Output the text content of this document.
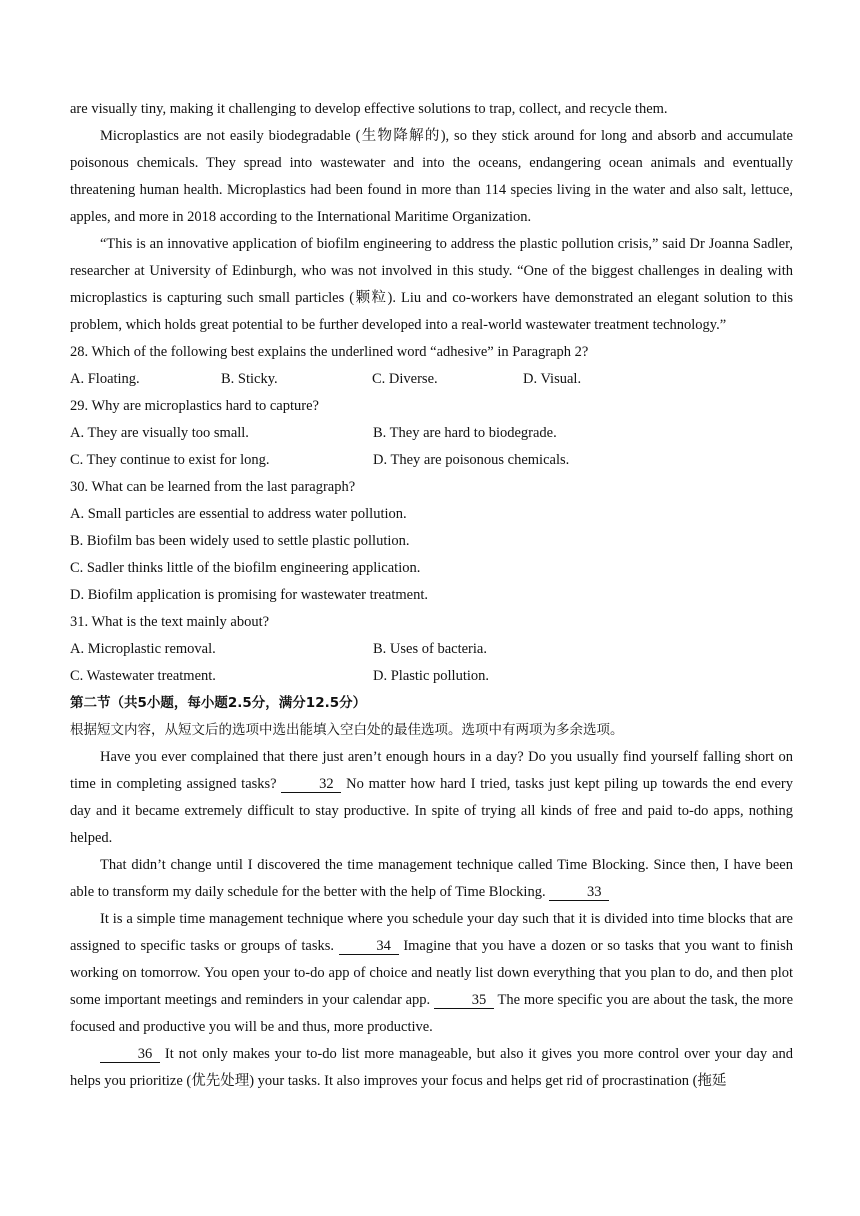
are visually tiny, making it challenging to develop effective solutions to trap, collect, and recycle them.

Microplastics are not easily biodegradable (生物降解的), so they stick around for long and absorb and accumulate poisonous chemicals. They spread into wastewater and into the oceans, endangering ocean animals and eventually threatening human health. Microplastics had been found in more than 114 species living in the water and also salt, lettuce, apples, and more in 2018 according to the International Maritime Organization.

“This is an innovative application of biofilm engineering to address the plastic pollution crisis,” said Dr Joanna Sadler, researcher at University of Edinburgh, who was not involved in this study. “One of the biggest challenges in dealing with microplastics is capturing such small particles (颗粒). Liu and co-workers have demonstrated an elegant solution to this problem, which holds great potential to be further developed into a real-world wastewater treatment technology.”

28. Which of the following best explains the underlined word “adhesive” in Paragraph 2?

A. Floating.	B. Sticky.	C. Diverse.	D. Visual.

29. Why are microplastics hard to capture?

A. They are visually too small.	B. They are hard to biodegrade.
C. They continue to exist for long.	D. They are poisonous chemicals.

30. What can be learned from the last paragraph?

A. Small particles are essential to address water pollution.

B. Biofilm bas been widely used to settle plastic pollution.

C. Sadler thinks little of the biofilm engineering application.

D. Biofilm application is promising for wastewater treatment.

31. What is the text mainly about?

A. Microplastic removal.	B. Uses of bacteria.
C. Wastewater treatment.	D. Plastic pollution.

第二节（共5小题，每小题2.5分，满分12.5分）

根据短文内容，从短文后的选项中选出能填入空白处的最佳选项。选项中有两项为多余选项。

Have you ever complained that there just aren’t enough hours in a day? Do you usually find yourself falling short on time in completing assigned tasks?	32 No matter how hard I tried, tasks just kept piling up towards the end every day and it became extremely difficult to stay productive. In spite of trying all kinds of free and paid to-do apps, nothing helped.

That didn’t change until I discovered the time management technique called Time Blocking. Since then, I have been able to transform my daily schedule for the better with the help of Time Blocking.	33

It is a simple time management technique where you schedule your day such that it is divided into time blocks that are assigned to specific tasks or groups of tasks.	34 Imagine that you have a dozen or so tasks that you want to finish working on tomorrow. You open your to-do app of choice and neatly list down everything that you plan to do, and then plot some important meetings and reminders in your calendar app.	35 The more specific you are about the task, the more focused and productive you will be and thus, more productive.

36 It not only makes your to-do list more manageable, but also it gives you more control over your day and helps you prioritize (优先处理) your tasks. It also improves your focus and helps get rid of procrastination (拖延
